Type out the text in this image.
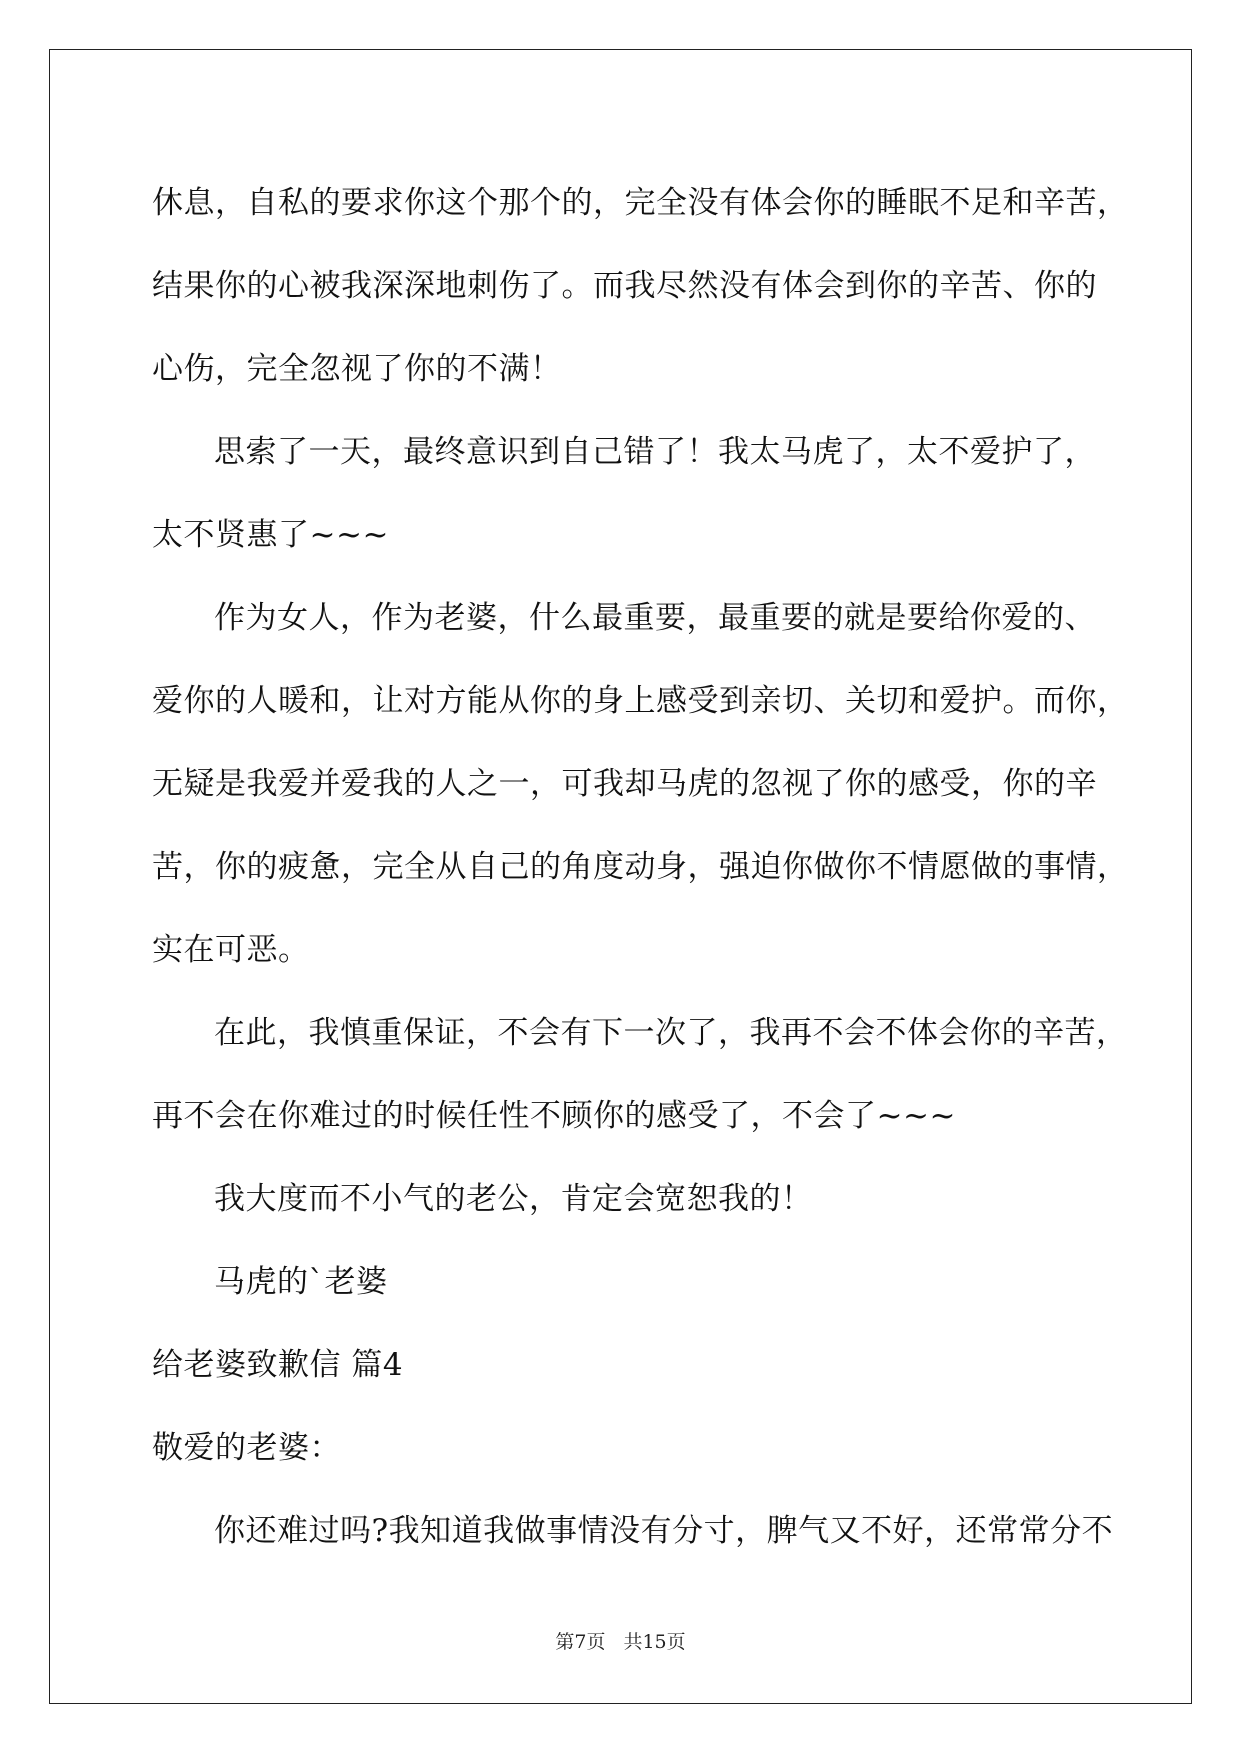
休息，自私的要求你这个那个的，完全没有体会你的睡眠不足和辛苦，
结果你的心被我深深地刺伤了。而我尽然没有体会到你的辛苦、你的
心伤，完全忽视了你的不满！
思索了一天，最终意识到自己错了！我太马虎了，太不爱护了，
太不贤惠了~~~
作为女人，作为老婆，什么最重要，最重要的就是要给你爱的、
爱你的人暖和，让对方能从你的身上感受到亲切、关切和爱护。而你，
无疑是我爱并爱我的人之一，可我却马虎的忽视了你的感受，你的辛
苦，你的疲惫，完全从自己的角度动身，强迫你做你不情愿做的事情，
实在可恶。
在此，我慎重保证，不会有下一次了，我再不会不体会你的辛苦，
再不会在你难过的时候任性不顾你的感受了，不会了~~~
我大度而不小气的老公，肯定会宽恕我的！
马虎的`老婆
给老婆致歉信 篇4
敬爱的老婆：
你还难过吗?我知道我做事情没有分寸，脾气又不好，还常常分不
第7页 共15页
